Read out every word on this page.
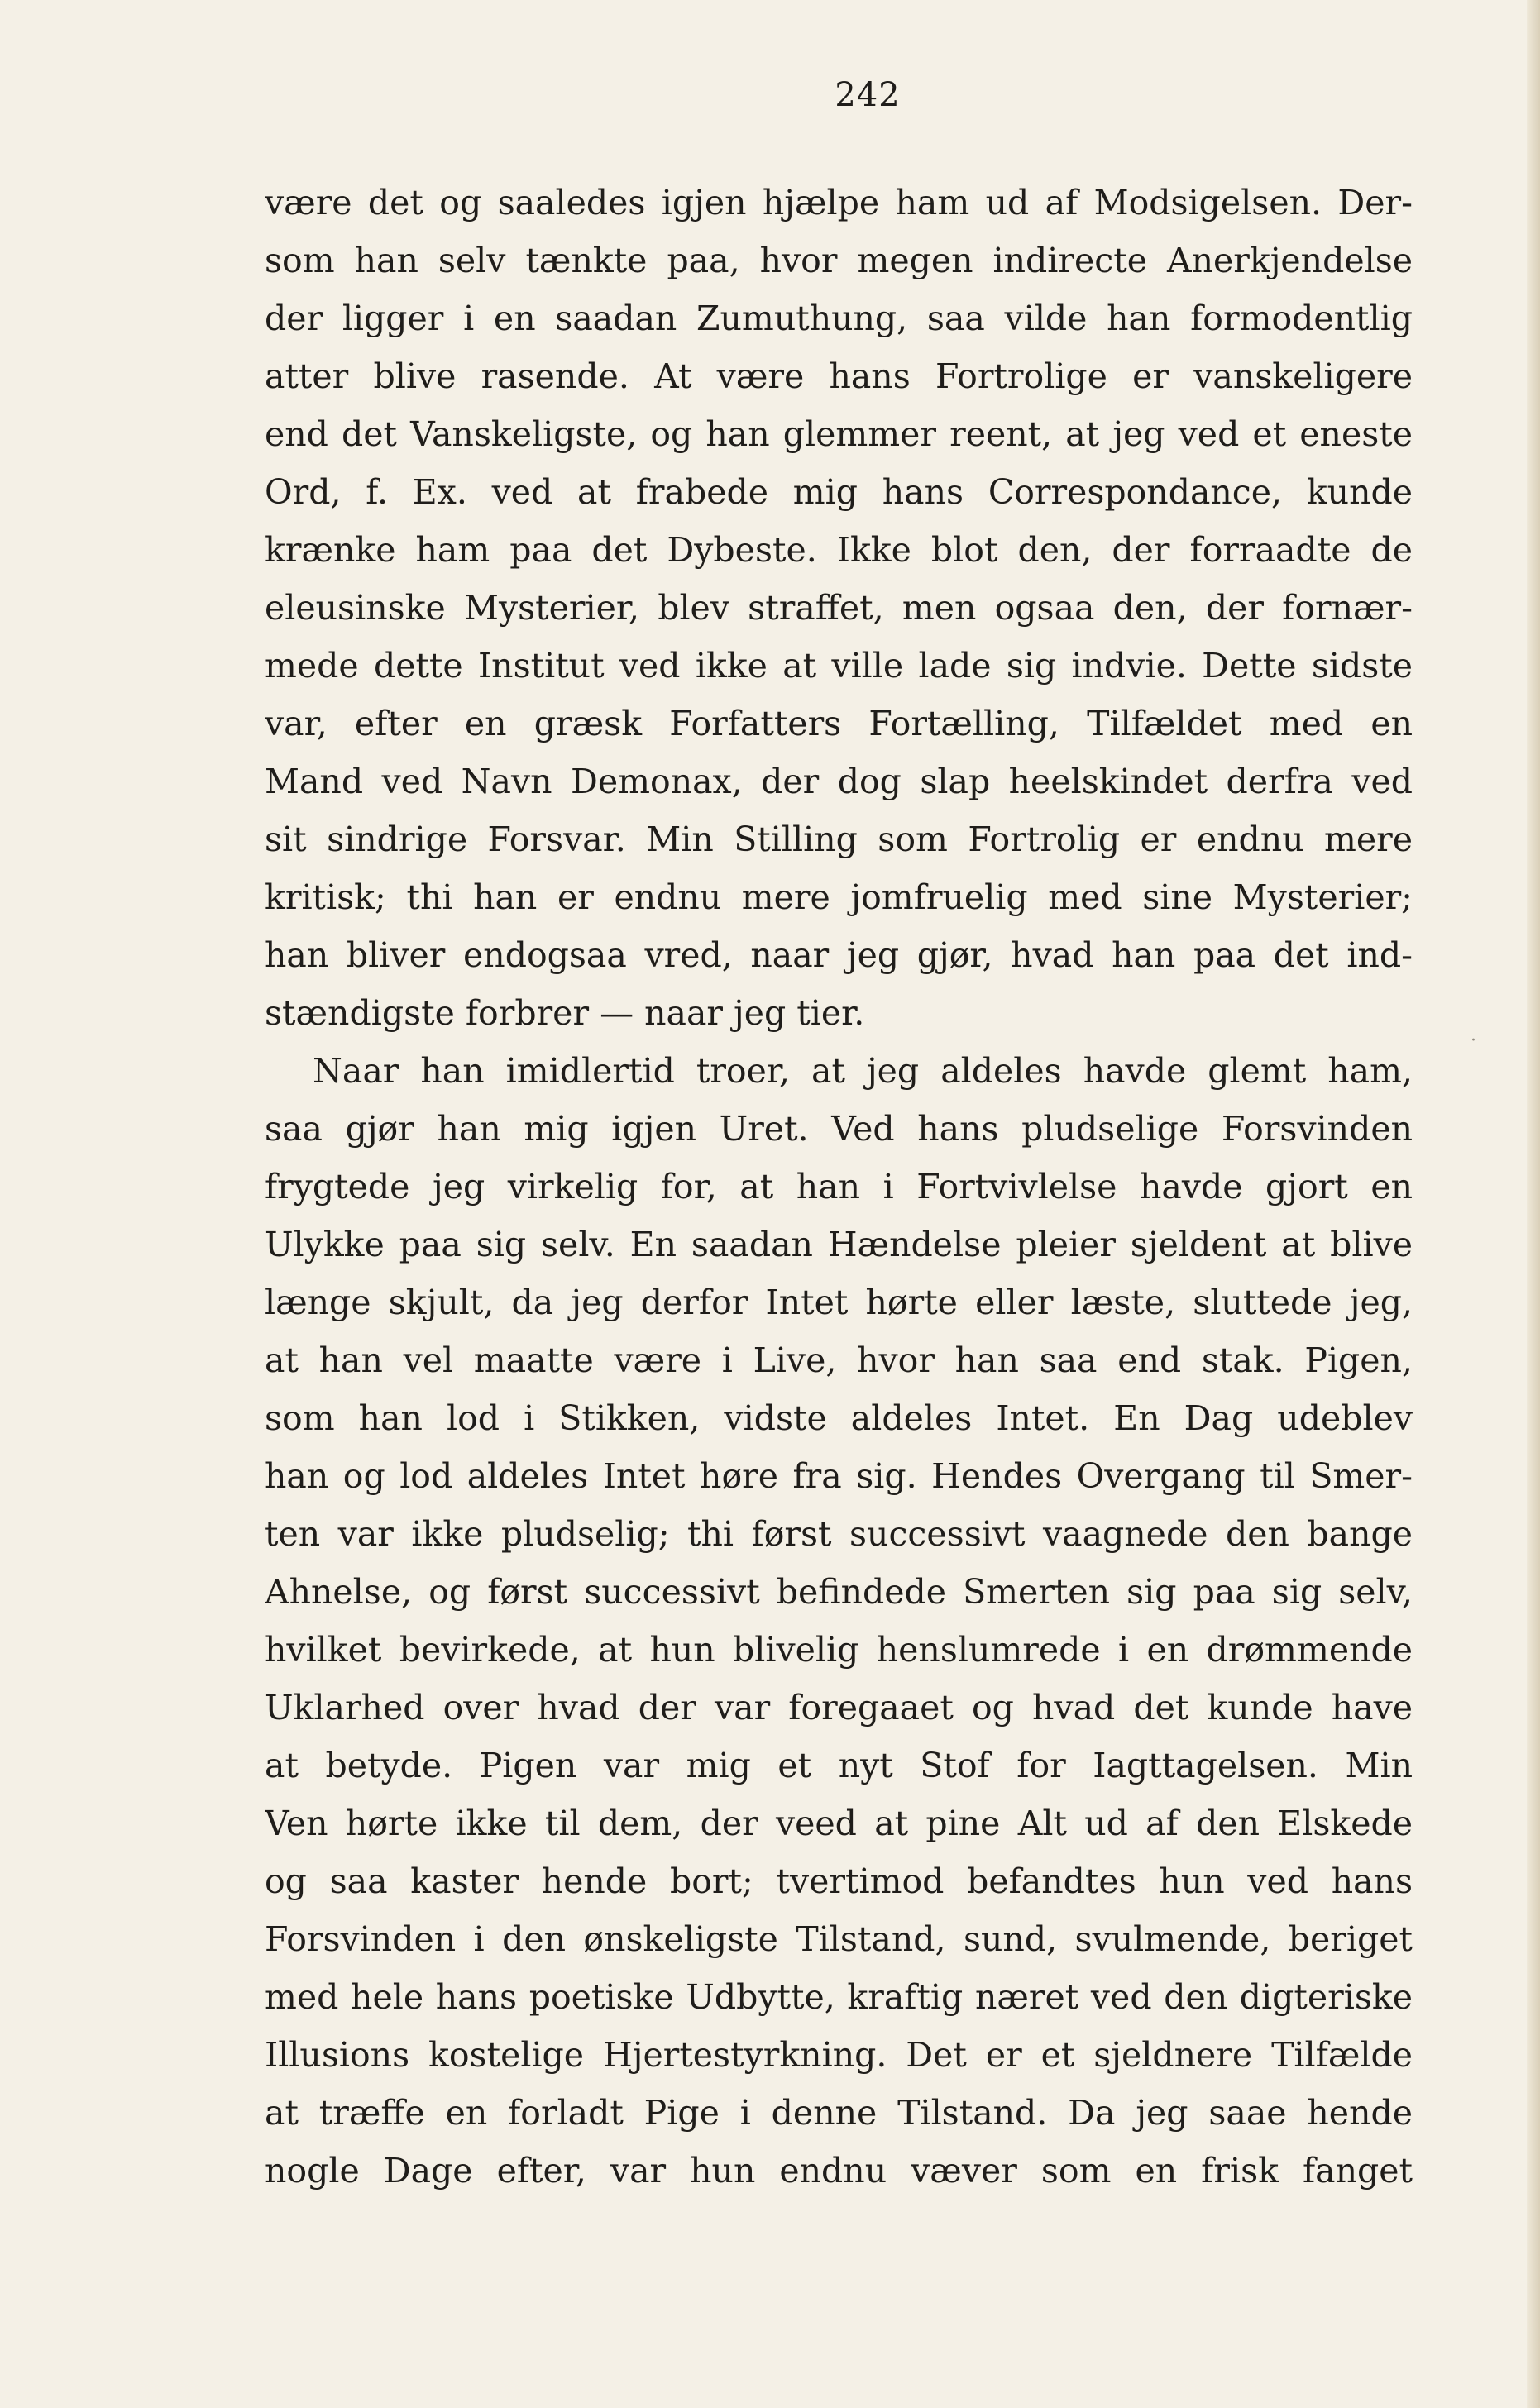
242
være det og saaledes igjen hjælpe ham ud af Modsigelsen. Der-
som han selv tænkte paa, hvor megen indirecte Anerkjendelse
der ligger i en saadan Zumuthung, saa vilde han formodentlig
atter blive rasende. At være hans Fortrolige er vanskeligere
end det Vanskeligste, og han glemmer reent, at jeg ved et eneste
Ord, f. Ex. ved at frabede mig hans Correspondance, kunde
krænke ham paa det Dybeste. Ikke blot den, der forraadte de
eleusinske Mysterier, blev straffet, men ogsaa den, der fornær-
mede dette Institut ved ikke at ville lade sig indvie. Dette sidste
var, efter en græsk Forfatters Fortælling, Tilfældet med en
Mand ved Navn Demonax, der dog slap heelskindet derfra ved
sit sindrige Forsvar. Min Stilling som Fortrolig er endnu mere
kritisk; thi han er endnu mere jomfruelig med sine Mysterier;
han bliver endogsaa vred, naar jeg gjør, hvad han paa det ind-
stændigste forbrer — naar jeg tier.
Naar han imidlertid troer, at jeg aldeles havde glemt ham,
saa gjør han mig igjen Uret. Ved hans pludselige Forsvinden
frygtede jeg virkelig for, at han i Fortvivlelse havde gjort en
Ulykke paa sig selv. En saadan Hændelse pleier sjeldent at blive
længe skjult, da jeg derfor Intet hørte eller læste, sluttede jeg,
at han vel maatte være i Live, hvor han saa end stak. Pigen,
som han lod i Stikken, vidste aldeles Intet. En Dag udeblev
han og lod aldeles Intet høre fra sig. Hendes Overgang til Smer-
ten var ikke pludselig; thi først successivt vaagnede den bange
Ahnelse, og først successivt befindede Smerten sig paa sig selv,
hvilket bevirkede, at hun blivelig henslumrede i en drømmende
Uklarhed over hvad der var foregaaet og hvad det kunde have
at betyde. Pigen var mig et nyt Stof for Iagttagelsen. Min
Ven hørte ikke til dem, der veed at pine Alt ud af den Elskede
og saa kaster hende bort; tvertimod befandtes hun ved hans
Forsvinden i den ønskeligste Tilstand, sund, svulmende, beriget
med hele hans poetiske Udbytte, kraftig næret ved den digteriske
Illusions kostelige Hjertestyrkning. Det er et sjeldnere Tilfælde
at træffe en forladt Pige i denne Tilstand. Da jeg saae hende
nogle Dage efter, var hun endnu væver som en frisk fanget
·
